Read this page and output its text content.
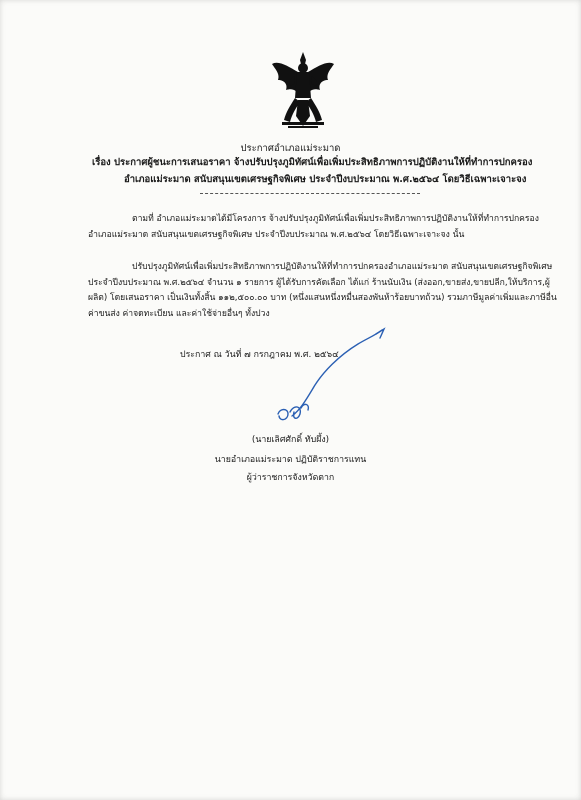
ประกาศอำเภอแม่ระมาด
เรื่อง ประกาศผู้ชนะการเสนอราคา จ้างปรับปรุงภูมิทัศน์เพื่อเพิ่มประสิทธิภาพการปฏิบัติงานให้ที่ทำการปกครอง
อำเภอแม่ระมาด สนับสนุนเขตเศรษฐกิจพิเศษ ประจำปีงบประมาณ พ.ศ.๒๕๖๔ โดยวิธีเฉพาะเจาะจง
ตามที่ อำเภอแม่ระมาดได้มีโครงการ จ้างปรับปรุงภูมิทัศน์เพื่อเพิ่มประสิทธิภาพการปฏิบัติงานให้ที่ทำการปกครองอำเภอแม่ระมาด สนับสนุนเขตเศรษฐกิจพิเศษ ประจำปีงบประมาณ พ.ศ.๒๕๖๔ โดยวิธีเฉพาะเจาะจง นั้น
ปรับปรุงภูมิทัศน์เพื่อเพิ่มประสิทธิภาพการปฏิบัติงานให้ที่ทำการปกครองอำเภอแม่ระมาด สนับสนุนเขตเศรษฐกิจพิเศษ ประจำปีงบประมาณ พ.ศ.๒๕๖๔ จำนวน ๑ รายการ ผู้ได้รับการคัดเลือก ได้แก่ ร้านนับเงิน (ส่งออก,ขายส่ง,ขายปลีก,ให้บริการ,ผู้ผลิต) โดยเสนอราคา เป็นเงินทั้งสิ้น ๑๑๒,๕๐๐.๐๐ บาท (หนึ่งแสนหนึ่งหมื่นสองพันห้าร้อยบาทถ้วน) รวมภาษีมูลค่าเพิ่มและภาษีอื่น ค่าขนส่ง ค่าจดทะเบียน และค่าใช้จ่ายอื่นๆ ทั้งปวง
ประกาศ ณ วันที่ ๗ กรกฎาคม พ.ศ. ๒๕๖๔
(นายเลิศศักดิ์ ทับผึ้ง)
นายอำเภอแม่ระมาด ปฏิบัติราชการแทน
ผู้ว่าราชการจังหวัดตาก
